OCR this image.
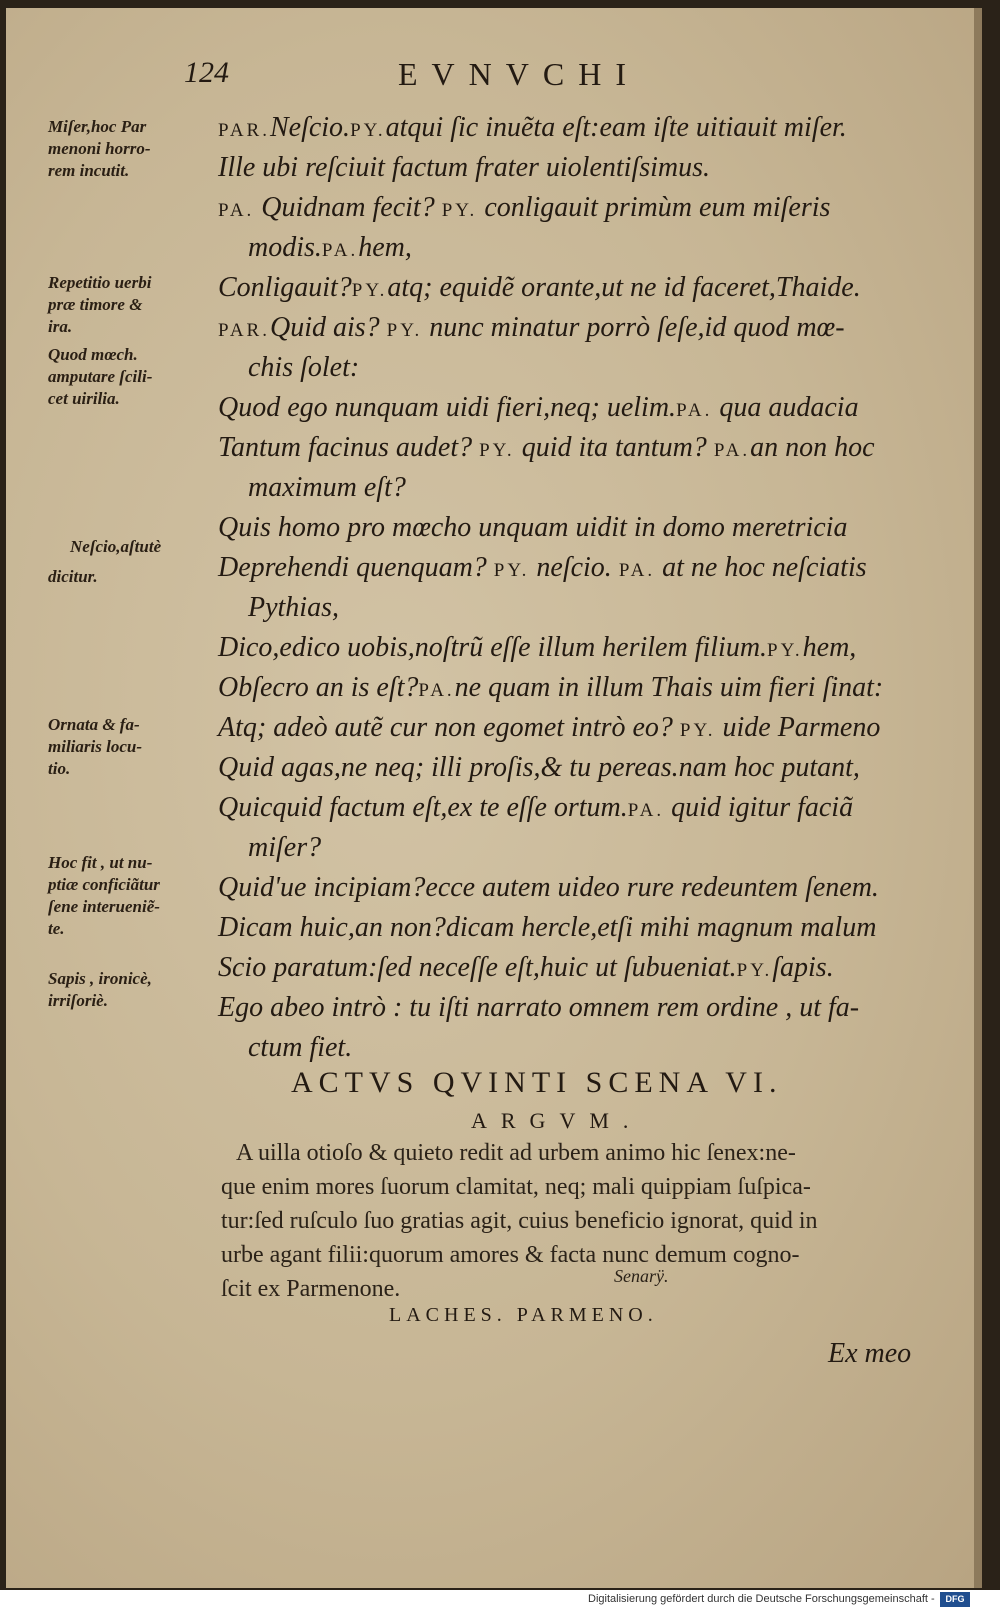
124	EVNVCHI
Miſer,hoc Par
menoni horro-
rem incutit.
Repetitio uerbi
præ timore &
ira.
Quod mœch.
amputare ſcili-
cet uirilia.
Neſcio,aſtutè
dicitur.
Ornata & fa-
miliaris locu-
tio.
Hoc fit , ut nu-
ptiæ conficiãtur
ſene interueniẽ-
te.
Sapis , ironicè,
irriſoriè.
PAR.Neſcio.PY.atqui ſic inuẽta eſt:eam iſte uitiauit miſer.
Ille ubi reſciuit factum frater uiolentiſsimus.
PA. Quidnam fecit? PY. conligauit primùm eum miſeris
modis.PA.hem,
Conligauit?PY.atq; equidẽ orante,ut ne id faceret,Thaide.
PAR.Quid ais? PY. nunc minatur porrò ſeſe,id quod mœ-
chis ſolet:
Quod ego nunquam uidi fieri,neq; uelim.PA. qua audacia
Tantum facinus audet? PY. quid ita tantum? PA.an non hoc
maximum eſt?
Quis homo pro mœcho unquam uidit in domo meretricia
Deprehendi quenquam? PY. neſcio. PA. at ne hoc neſciatis
Pythias,
Dico,edico uobis,noſtrũ eſſe illum herilem filium.PY.hem,
Obſecro an is eſt?PA.ne quam in illum Thais uim fieri ſinat:
Atq; adeò autẽ cur non egomet intrò eo? PY. uide Parmeno
Quid agas,ne neq; illi proſis,& tu pereas.nam hoc putant,
Quicquid factum eſt,ex te eſſe ortum.PA. quid igitur faciã
miſer?
Quid'ue incipiam?ecce autem uideo rure redeuntem ſenem.
Dicam huic,an non?dicam hercle,etſi mihi magnum malum
Scio paratum:ſed neceſſe eſt,huic ut ſubueniat.PY.ſapis.
Ego abeo intrò : tu iſti narrato omnem rem ordine , ut fa-
ctum fiet.
ACTVS QVINTI SCENA VI.
ARGVM.
A uilla otioſo & quieto redit ad urbem animo hic ſenex:ne-
que enim mores ſuorum clamitat, neq; mali quippiam ſuſpica-
tur:ſed ruſculo ſuo gratias agit, cuius beneficio ignorat, quid in
urbe agant filii:quorum amores & facta nunc demum cogno-
ſcit ex Parmenone.	Senarÿ.
LACHES. PARMENO.
Ex meo
Digitalisierung gefördert durch die Deutsche Forschungsgemeinschaft -	DFG
